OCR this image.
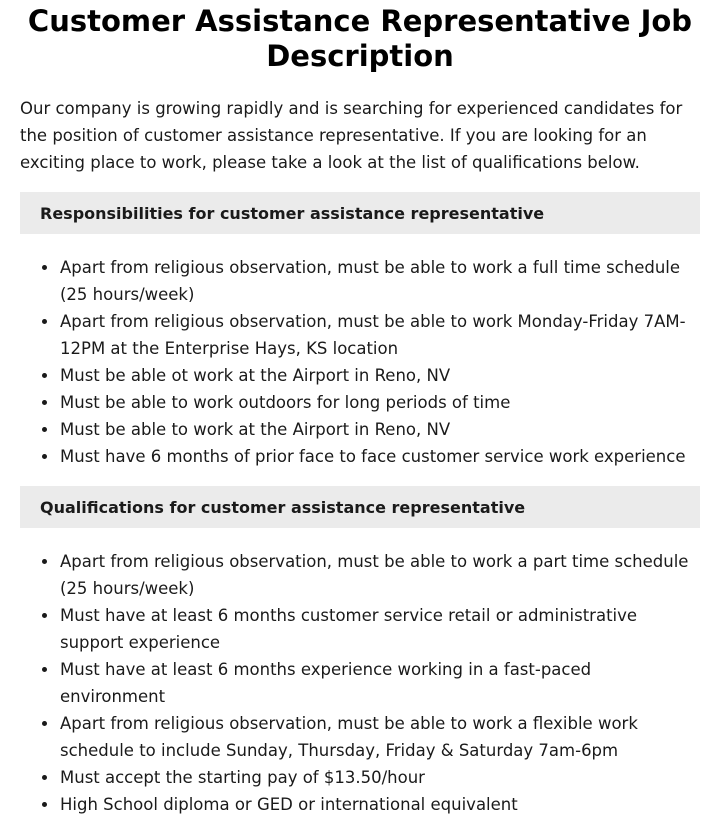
Customer Assistance Representative Job Description

Our company is growing rapidly and is searching for experienced candidates for the position of customer assistance representative. If you are looking for an exciting place to work, please take a look at the list of qualifications below.

Responsibilities for customer assistance representative
Apart from religious observation, must be able to work a full time schedule (25 hours/week)
Apart from religious observation, must be able to work Monday-Friday 7AM-12PM at the Enterprise Hays, KS location
Must be able ot work at the Airport in Reno, NV
Must be able to work outdoors for long periods of time
Must be able to work at the Airport in Reno, NV
Must have 6 months of prior face to face customer service work experience
Qualifications for customer assistance representative
Apart from religious observation, must be able to work a part time schedule (25 hours/week)
Must have at least 6 months customer service retail or administrative support experience
Must have at least 6 months experience working in a fast-paced environment
Apart from religious observation, must be able to work a flexible work schedule to include Sunday, Thursday, Friday & Saturday 7am-6pm
Must accept the starting pay of $13.50/hour
High School diploma or GED or international equivalent
